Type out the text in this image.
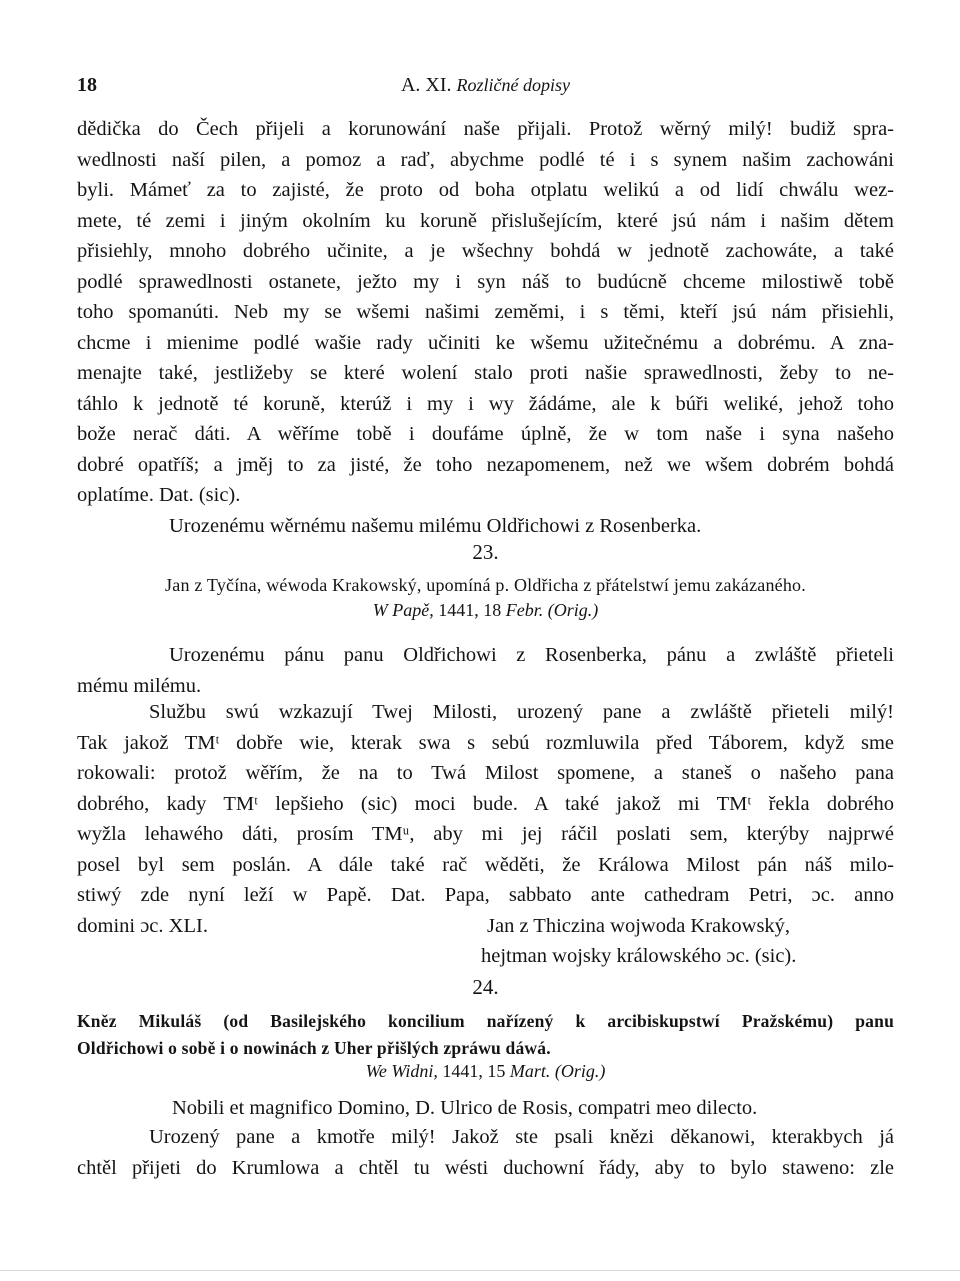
18	A. XI. Rozličné dopisy
dědička do Čech přijeli a korunowání naše přijali. Protož wěrný milý! budiž spra-
wedlnosti naší pilen, a pomoz a raď, abychme podlé té i s synem našim zachowáni
byli. Mámeť za to zajisté, že proto od boha otplatu welikú a od lidí chwálu wez-
mete, té zemi i jiným okolním ku koruně přislušejícím, které jsú nám i našim dětem
přisiehly, mnoho dobrého učinite, a je wšechny bohdá w jednotě zachowáte, a také
podlé sprawedlnosti ostanete, ježto my i syn náš to budúcně chceme milostiwě tobě
toho spomanúti. Neb my se wšemi našimi zeměmi, i s těmi, kteří jsú nám přisiehli,
chcme i mienime podlé wašie rady učiniti ke wšemu užitečnému a dobrému. A zna-
menajte také, jestližeby se které wolení stalo proti našie sprawedlnosti, žeby to ne-
táhlo k jednotě té koruně, kterúž i my i wy žádáme, ale k búři weliké, jehož toho
bože nerač dáti. A wěříme tobě i doufáme úplně, že w tom naše i syna našeho
dobré opatříš; a jměj to za jisté, že toho nezapomenem, než we wšem dobrém bohdá
oplatíme. Dat. (sic).
Urozenému wěrnému našemu milému Oldřichowi z Rosenberka.
23.
Jan z Tyčína, wéwoda Krakowský, upomíná p. Oldřicha z přátelstwí jemu zakázaného.
W Papě, 1441, 18 Febr. (Orig.)
Urozenému pánu panu Oldřichowi z Rosenberka, pánu a zwláště přieteli
mému milému.
Službu swú wzkazují Twej Milosti, urozený pane a zwláště přieteli milý!
Tak jakož TMᵗ dobře wie, kterak swa s sebú rozmluwila před Táborem, když sme
rokowali: protož wěřím, že na to Twá Milost spomene, a staneš o našeho pana
dobrého, kady TMᵗ lepšieho (sic) moci bude. A také jakož mi TMᵗ řekla dobrého
wyžla lehawého dáti, prosím TMᵘ, aby mi jej ráčil poslati sem, kterýby najprwé
posel byl sem poslán. A dále také rač wěděti, že Králowa Milost pán náš milo-
stiwý zde nyní leží w Papě. Dat. Papa, sabbato ante cathedram Petri, ɔc. anno
domini ɔc. XLI.	Jan z Thiczina wojwoda Krakowský,
hejtman wojsky králowského ɔc. (sic).
24.
Kněz Mikuláš (od Basilejského koncilium nařízený k arcibiskupstwí Pražskému) panu
Oldřichowi o sobě i o nowinách z Uher přišlých zpráwu dáwá.
We Widni, 1441, 15 Mart. (Orig.)
Nobili et magnifico Domino, D. Ulrico de Rosis, compatri meo dilecto.
Urozený pane a kmotře milý! Jakož ste psali knězi děkanowi, kterakbych já
chtěl přijeti do Krumlowa a chtěl tu wésti duchowní řády, aby to bylo staweno: zle
